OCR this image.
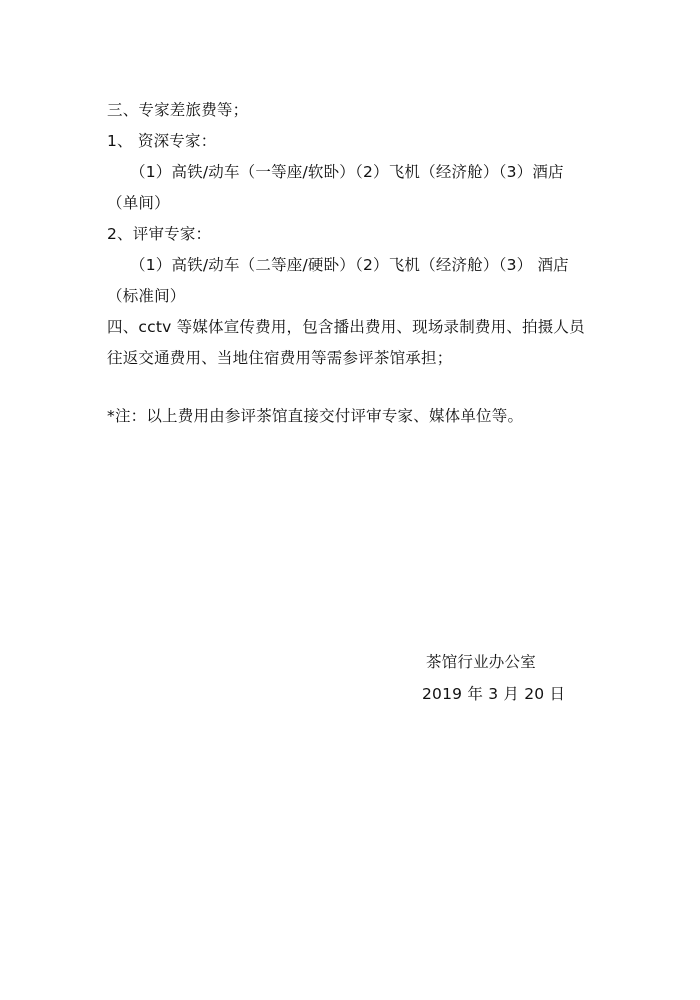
三、专家差旅费等；
1、 资深专家：
（1）高铁/动车（一等座/软卧）（2）飞机（经济舱）（3）酒店
（单间）
2、评审专家：
（1）高铁/动车（二等座/硬卧）（2）飞机（经济舱）（3） 酒店
（标准间）
四、cctv 等媒体宣传费用，包含播出费用、现场录制费用、拍摄人员
往返交通费用、当地住宿费用等需参评茶馆承担；
*注：以上费用由参评茶馆直接交付评审专家、媒体单位等。
茶馆行业办公室
2019 年 3 月 20 日
